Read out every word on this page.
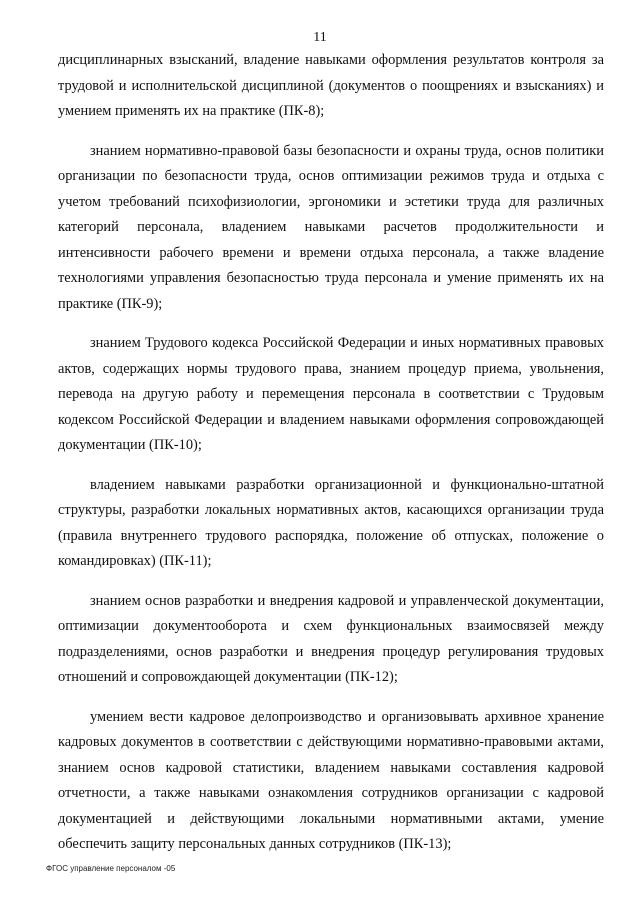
11

дисциплинарных взысканий, владение навыками оформления результатов контроля за трудовой и исполнительской дисциплиной (документов о поощрениях и взысканиях) и умением применять их на практике (ПК-8);

знанием нормативно-правовой базы безопасности и охраны труда, основ политики организации по безопасности труда, основ оптимизации режимов труда и отдыха с учетом требований психофизиологии, эргономики и эстетики труда для различных категорий персонала, владением навыками расчетов продолжительности и интенсивности рабочего времени и времени отдыха персонала, а также владение технологиями управления безопасностью труда персонала и умение применять их на практике (ПК-9);

знанием Трудового кодекса Российской Федерации и иных нормативных правовых актов, содержащих нормы трудового права, знанием процедур приема, увольнения, перевода на другую работу и перемещения персонала в соответствии с Трудовым кодексом Российской Федерации и владением навыками оформления сопровождающей документации (ПК-10);

владением навыками разработки организационной и функционально-штатной структуры, разработки локальных нормативных актов, касающихся организации труда (правила внутреннего трудового распорядка, положение об отпусках, положение о командировках) (ПК-11);

знанием основ разработки и внедрения кадровой и управленческой документации, оптимизации документооборота и схем функциональных взаимосвязей между подразделениями, основ разработки и внедрения процедур регулирования трудовых отношений и сопровождающей документации (ПК-12);

умением вести кадровое делопроизводство и организовывать архивное хранение кадровых документов в соответствии с действующими нормативно-правовыми актами, знанием основ кадровой статистики, владением навыками составления кадровой отчетности, а также навыками ознакомления сотрудников организации с кадровой документацией и действующими локальными нормативными актами, умение обеспечить защиту персональных данных сотрудников (ПК-13);

ФГОС управление персоналом -05
